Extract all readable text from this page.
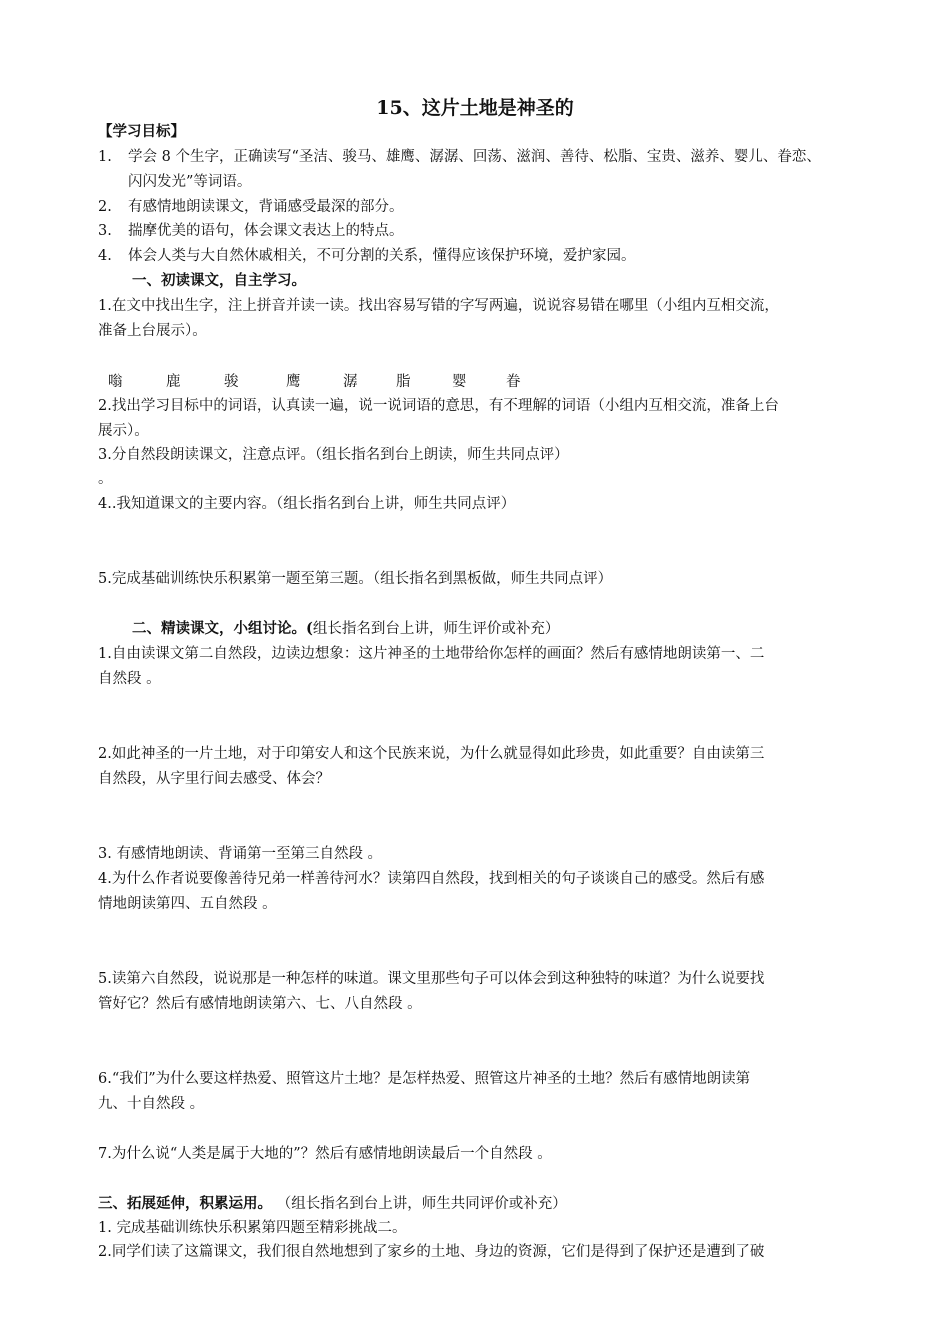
15、这片土地是神圣的
【学习目标】
1. 学会 8 个生字，正确读写“圣洁、骏马、雄鹰、潺潺、回荡、滋润、善待、松脂、宝贵、滋养、婴儿、眷恋、
闪闪发光”等词语。
2. 有感情地朗读课文，背诵感受最深的部分。
3. 揣摩优美的语句，体会课文表达上的特点。
4. 体会人类与大自然休戚相关，不可分割的关系，懂得应该保护环境，爱护家园。
一、初读课文，自主学习。
1.在文中找出生字，注上拼音并读一读。找出容易写错的字写两遍，说说容易错在哪里（小组内互相交流，
准备上台展示）。
嗡	鹿	骏	鹰	潺	脂	婴	眷
2.找出学习目标中的词语，认真读一遍，说一说词语的意思，有不理解的词语（小组内互相交流，准备上台
展示）。
3.分自然段朗读课文，注意点评。（组长指名到台上朗读，师生共同点评）
。
4..我知道课文的主要内容。（组长指名到台上讲，师生共同点评）
5.完成基础训练快乐积累第一题至第三题。（组长指名到黑板做，师生共同点评）
二、精读课文，小组讨论。(组长指名到台上讲，师生评价或补充）
1.自由读课文第二自然段，边读边想象：这片神圣的土地带给你怎样的画面？然后有感情地朗读第一、二
自然段 。
2.如此神圣的一片土地，对于印第安人和这个民族来说，为什么就显得如此珍贵，如此重要？自由读第三
自然段，从字里行间去感受、体会？
3. 有感情地朗读、背诵第一至第三自然段 。
4.为什么作者说要像善待兄弟一样善待河水？读第四自然段，找到相关的句子谈谈自己的感受。然后有感
情地朗读第四、五自然段 。
5.读第六自然段，说说那是一种怎样的味道。课文里那些句子可以体会到这种独特的味道？为什么说要找
管好它？然后有感情地朗读第六、七、八自然段 。
6.“我们”为什么要这样热爱、照管这片土地？是怎样热爱、照管这片神圣的土地？然后有感情地朗读第
九、十自然段 。
7.为什么说“人类是属于大地的”？然后有感情地朗读最后一个自然段 。
三、拓展延伸，积累运用。 （组长指名到台上讲，师生共同评价或补充）
1. 完成基础训练快乐积累第四题至精彩挑战二。
2.同学们读了这篇课文，我们很自然地想到了家乡的土地、身边的资源，它们是得到了保护还是遭到了破
